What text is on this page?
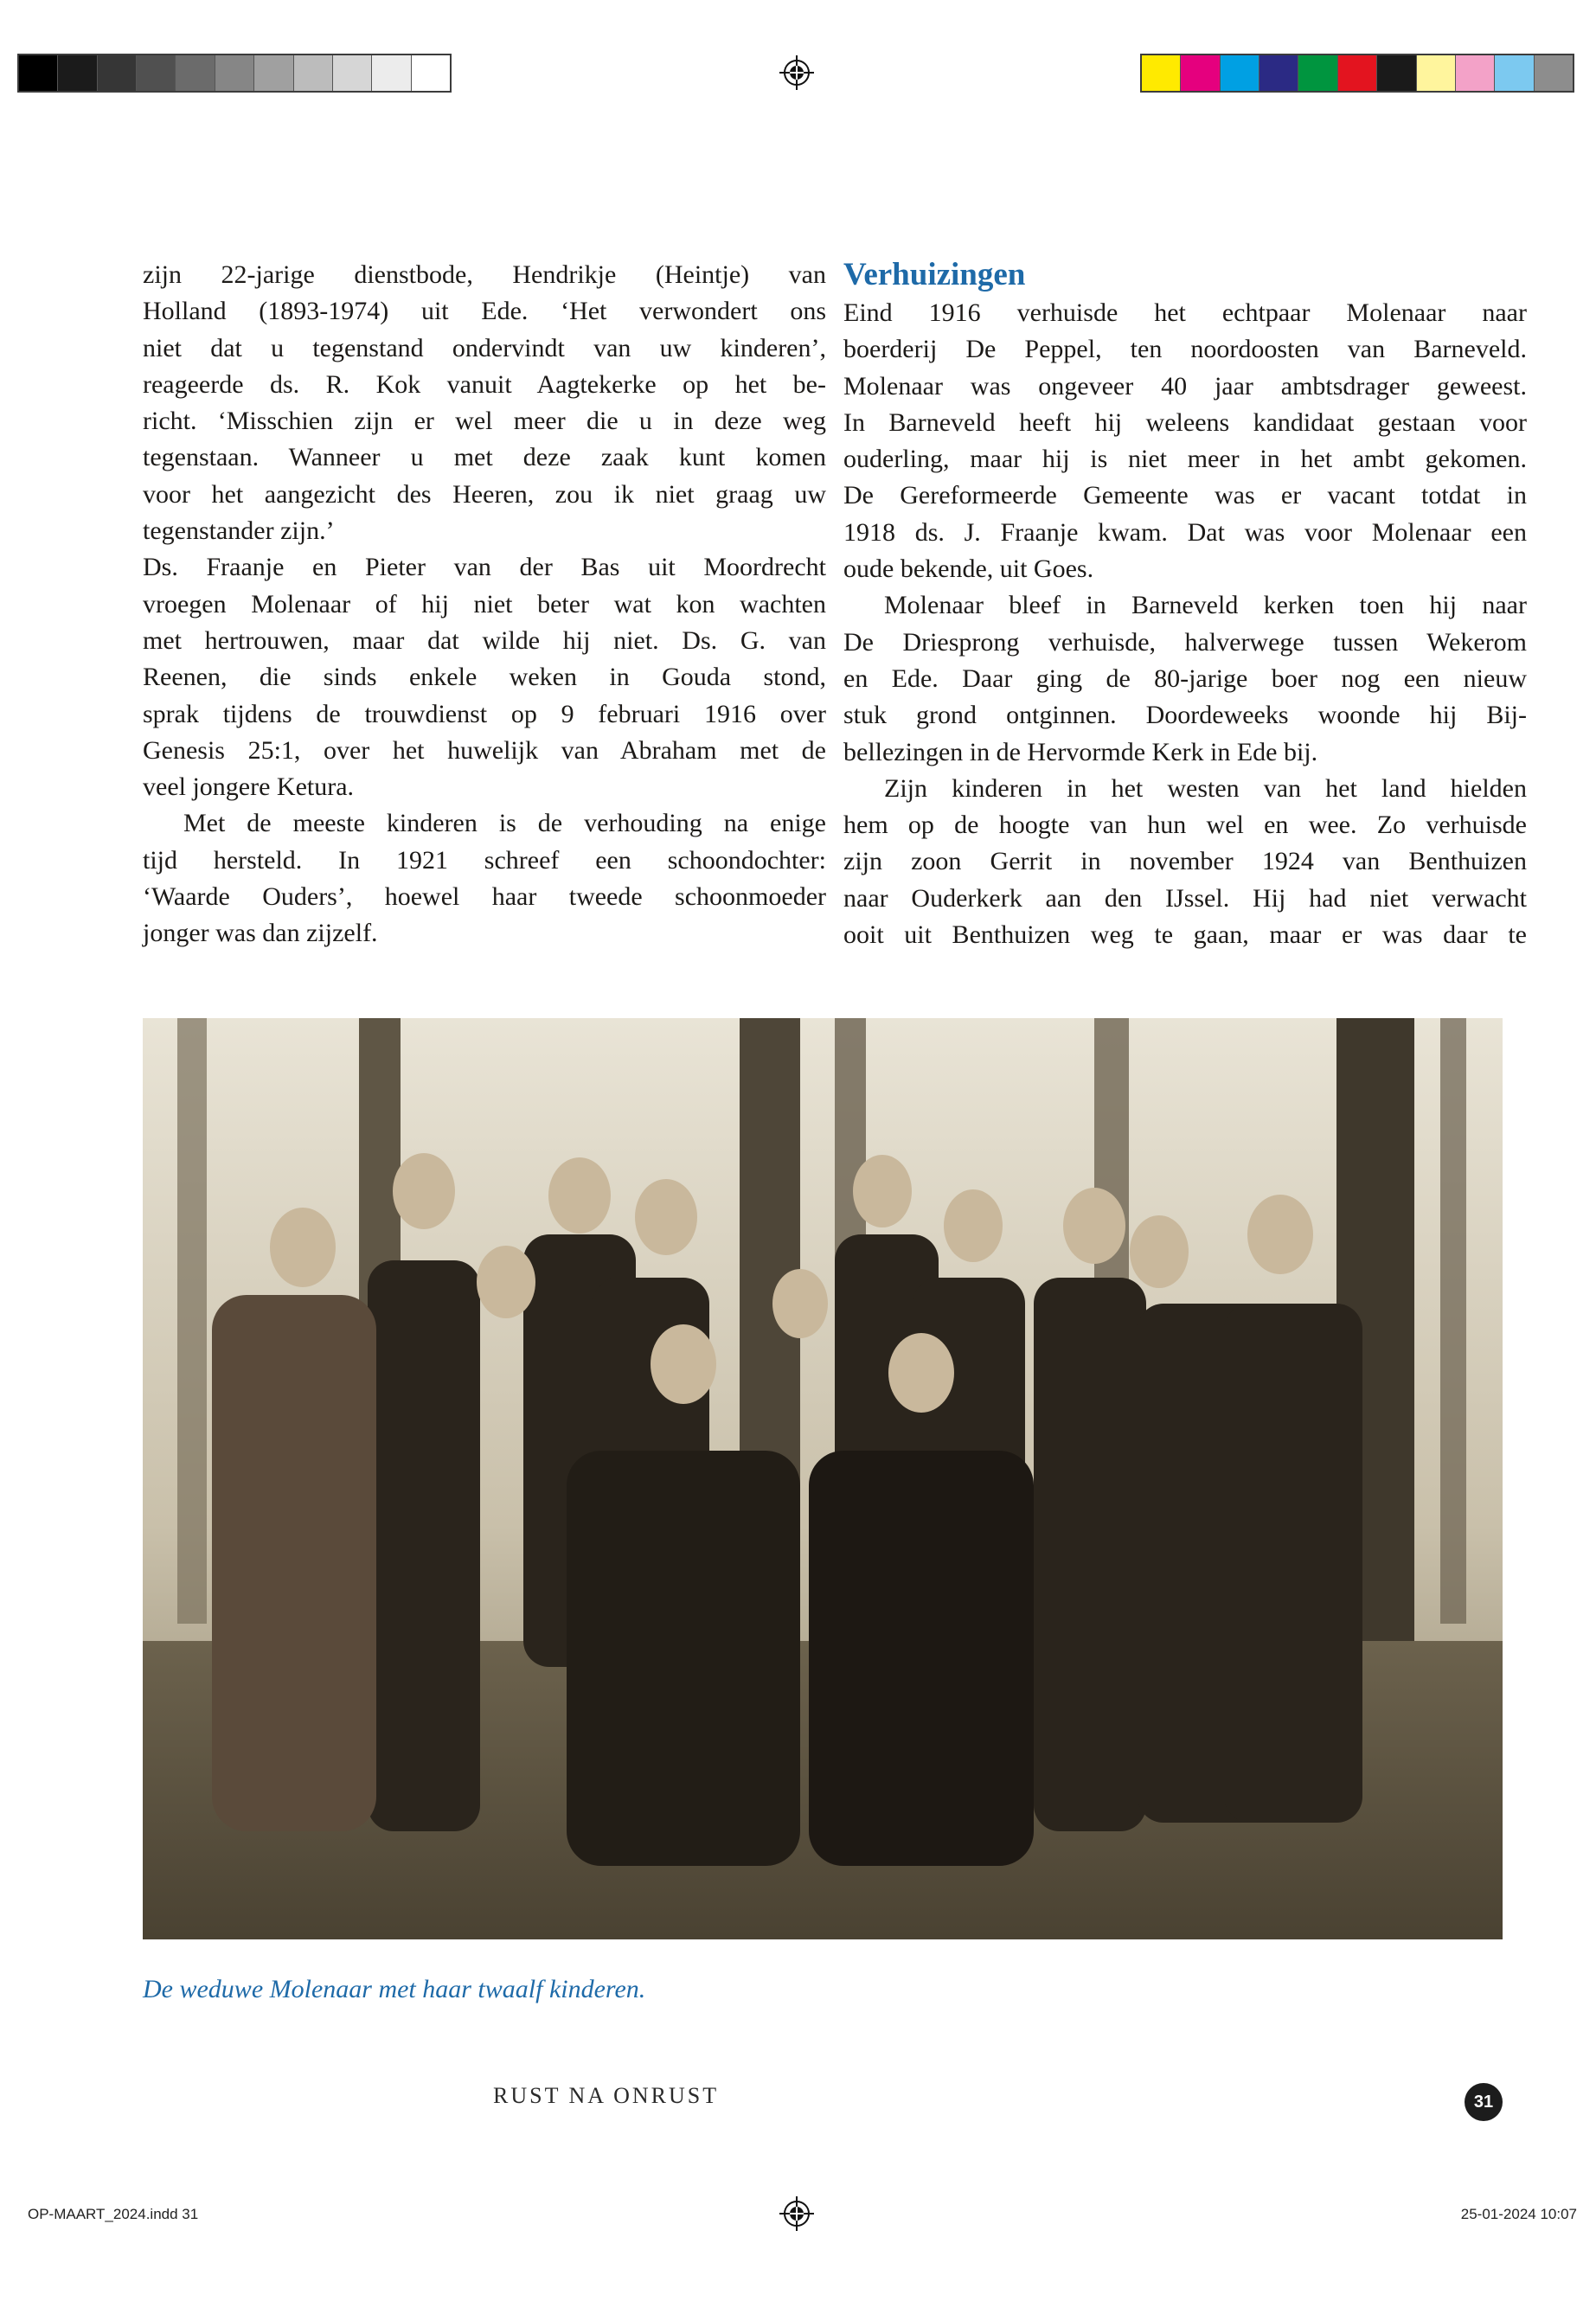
zijn 22-jarige dienstbode, Hendrikje (Heintje) van
Holland (1893-1974) uit Ede. ‘Het verwondert ons
niet dat u tegenstand ondervindt van uw kinderen’,
reageerde ds. R. Kok vanuit Aagtekerke op het be-
richt. ‘Misschien zijn er wel meer die u in deze weg
tegenstaan. Wanneer u met deze zaak kunt komen
voor het aangezicht des Heeren, zou ik niet graag uw
tegenstander zijn.’
Ds. Fraanje en Pieter van der Bas uit Moordrecht
vroegen Molenaar of hij niet beter wat kon wachten
met hertrouwen, maar dat wilde hij niet. Ds. G. van
Reenen, die sinds enkele weken in Gouda stond,
sprak tijdens de trouwdienst op 9 februari 1916 over
Genesis 25:1, over het huwelijk van Abraham met de
veel jongere Ketura.
Met de meeste kinderen is de verhouding na enige
tijd hersteld. In 1921 schreef een schoondochter:
‘Waarde Ouders’, hoewel haar tweede schoonmoeder
jonger was dan zijzelf.
Verhuizingen
Eind 1916 verhuisde het echtpaar Molenaar naar
boerderij De Peppel, ten noordoosten van Barneveld.
Molenaar was ongeveer 40 jaar ambtsdrager geweest.
In Barneveld heeft hij weleens kandidaat gestaan voor
ouderling, maar hij is niet meer in het ambt gekomen.
De Gereformeerde Gemeente was er vacant totdat in
1918 ds. J. Fraanje kwam. Dat was voor Molenaar een
oude bekende, uit Goes.
Molenaar bleef in Barneveld kerken toen hij naar
De Driesprong verhuisde, halverwege tussen Wekerom
en Ede. Daar ging de 80-jarige boer nog een nieuw
stuk grond ontginnen. Doordeweeks woonde hij Bij-
bellezingen in de Hervormde Kerk in Ede bij.
Zijn kinderen in het westen van het land hielden
hem op de hoogte van hun wel en wee. Zo verhuisde
zijn zoon Gerrit in november 1924 van Benthuizen
naar Ouderkerk aan den IJssel. Hij had niet verwacht
ooit uit Benthuizen weg te gaan, maar er was daar te
De weduwe Molenaar met haar twaalf kinderen.
RUST NA ONRUST	31
OP-MAART_2024.indd 31	25-01-2024 10:07
